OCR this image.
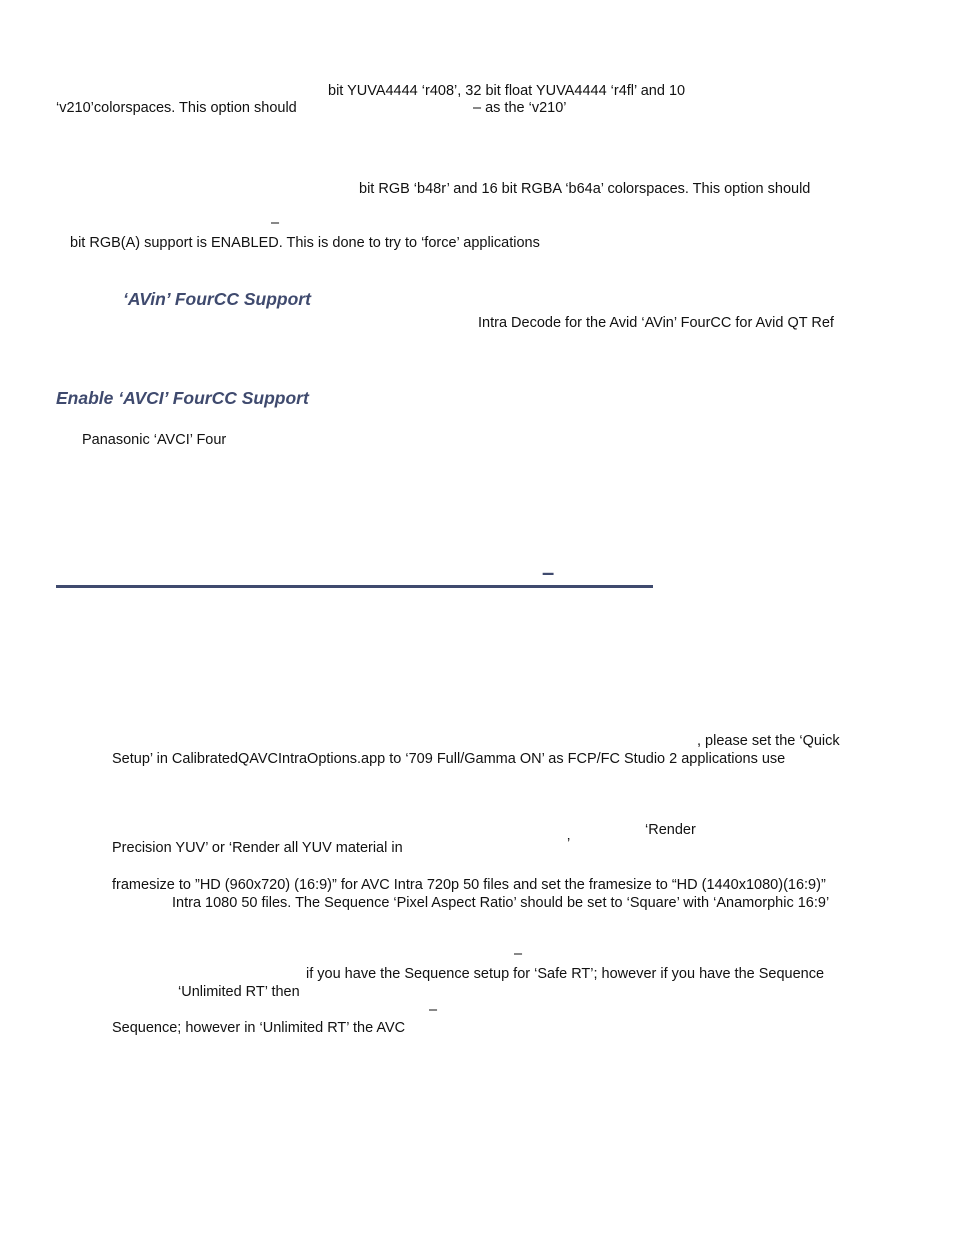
bit YUVA4444 ‘r408’, 32 bit float YUVA4444 ‘r4fl’ and 10

‘v210’colorspaces. This option should	– as the ‘v210’

bit RGB ‘b48r’ and 16 bit RGBA ‘b64a’ colorspaces. This option should

–

bit RGB(A) support is ENABLED. This is done to try to ‘force’ applications

‘AVin’ FourCC Support

Intra Decode for the Avid ‘AVin’ FourCC for Avid QT Ref

Enable ‘AVCI’ FourCC Support

Panasonic ‘AVCI’ Four

–

, please set the ‘Quick

Setup’ in CalibratedQAVCIntraOptions.app to ‘709 Full/Gamma ON’ as FCP/FC Studio 2 applications use

‘Render

Precision YUV’ or ‘Render all YUV material in	’

framesize to ”HD (960x720) (16:9)” for AVC Intra 720p 50 files and set the framesize to “HD (1440x1080)(16:9)”

Intra 1080 50 files. The Sequence ‘Pixel Aspect Ratio’ should be set to ‘Square’ with ‘Anamorphic 16:9’

–

if you have the Sequence setup for ‘Safe RT’; however if you have the Sequence

‘Unlimited RT’ then

–

Sequence; however in ‘Unlimited RT’ the AVC
